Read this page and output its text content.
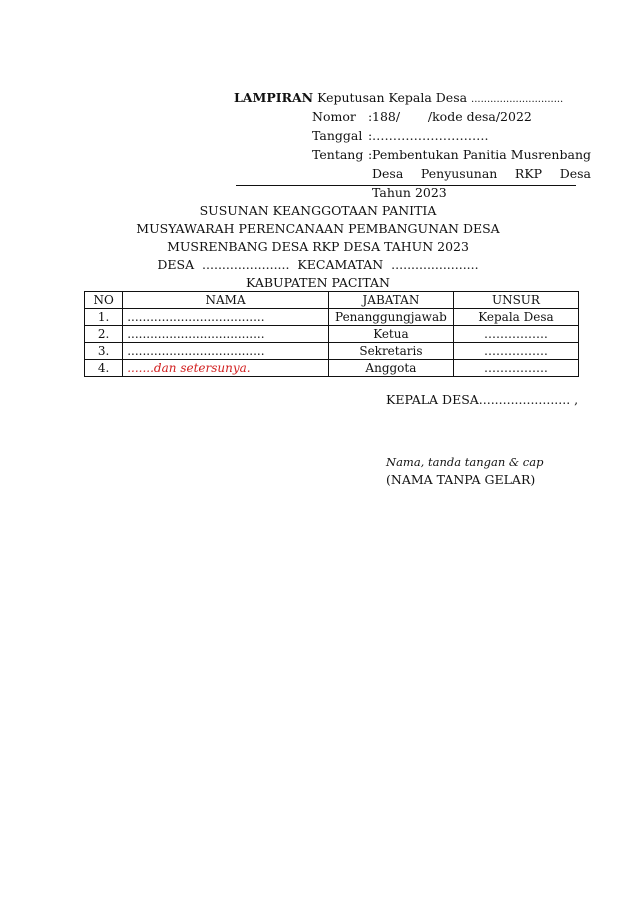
LAMPIRAN Keputusan Kepala Desa .............................
Nomor : 188/       /kode desa/2022
Tanggal : ……………………….
Tentang : Pembentukan Panitia Musrenbang Desa Penyusunan RKP Desa Tahun 2023
SUSUNAN KEANGGOTAAN PANITIA
MUSYAWARAH PERENCANAAN PEMBANGUNAN DESA
MUSRENBANG DESA RKP DESA TAHUN 2023
DESA  ......................  KECAMATAN  ......................
KABUPATEN PACITAN
NO	NAMA	JABATAN	UNSUR
1.	....................................	Penanggungjawab	Kepala Desa
2.	....................................	Ketua	…………….
3.	....................................	Sekretaris	…………….
4.	.......dan setersunya.	Anggota	…………….
KEPALA DESA....................... ,
Nama, tanda tangan & cap
(NAMA TANPA GELAR)
